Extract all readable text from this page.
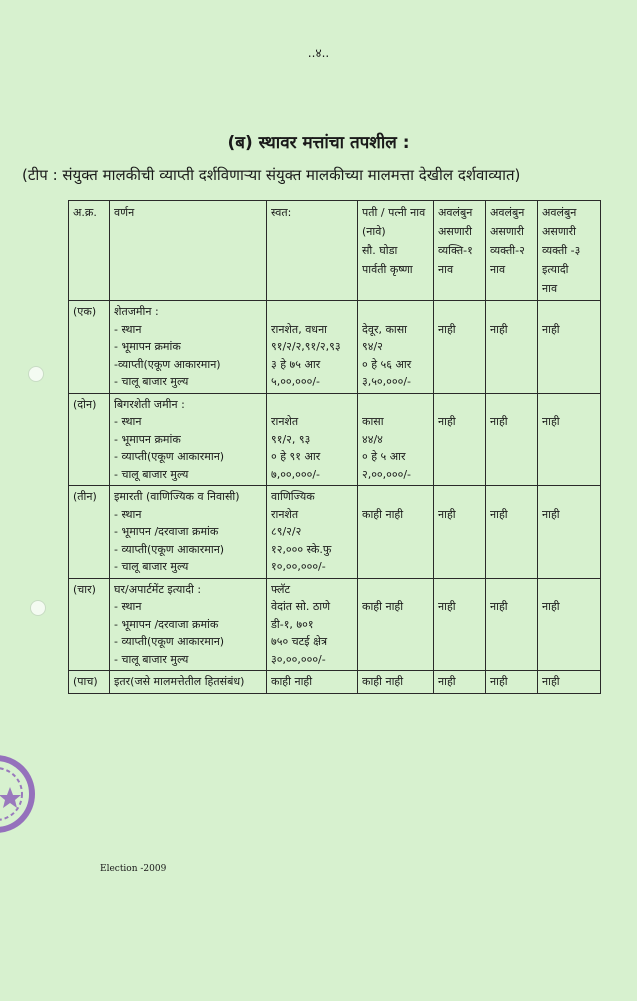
..४..
(ब) स्थावर मत्तांचा तपशील :
(टीप : संयुक्त मालकीची व्याप्ती दर्शविणाऱ्या संयुक्त मालकीच्या मालमत्ता देखील दर्शवाव्यात)
अ.क्र.	वर्णन	स्वत:	पती / पत्नी नाव
(नावे)
सौ. घोडा
पार्वती कृष्णा	अवलंबुन
असणारी
व्यक्ति-१
नाव	अवलंबुन
असणारी
व्यक्ती-२
नाव	अवलंबुन
असणारी
व्यक्ती -३
इत्यादी
नाव

(एक)	शेतजमीन :
- स्थान
- भूमापन क्रमांक
-व्याप्ती(एकूण आकारमान)
- चालू बाजार मुल्य	रानशेत, वधना
९१/२/२,९१/२,९३
३ हे ७५ आर
५,००,०००/-	देवूर, कासा
९४/२
० हे ५६ आर
३,५०,०००/-	नाही	नाही	नाही

(दोन)	बिगरशेती जमीन :
- स्थान
- भूमापन क्रमांक
- व्याप्ती(एकूण आकारमान)
- चालू बाजार मुल्य	रानशेत
९१/२, ९३
० हे ९१ आर
७,००,०००/-	कासा
४४/४
० हे ५ आर
२,००,०००/-	नाही	नाही	नाही

(तीन)	इमारती (वाणिज्यिक व निवासी)
- स्थान
- भूमापन /दरवाजा क्रमांक
- व्याप्ती(एकूण आकारमान)
- चालू बाजार मुल्य	वाणिज्यिक
रानशेत
८९/२/२
१२,००० स्के.फु
१०,००,०००/-	काही नाही	नाही	नाही	नाही

(चार)	घर/अपार्टमेंट इत्यादी :
- स्थान
- भूमापन /दरवाजा क्रमांक
- व्याप्ती(एकूण आकारमान)
- चालू बाजार मुल्य	फ्लॅट
वेदांत सो. ठाणे
डी-१, ७०१
७५० चटई क्षेत्र
३०,००,०००/-	काही नाही	नाही	नाही	नाही

(पाच)	इतर(जसे मालमत्तेतील हितसंबंध)	काही नाही	काही नाही	नाही	नाही	नाही
Election -2009
